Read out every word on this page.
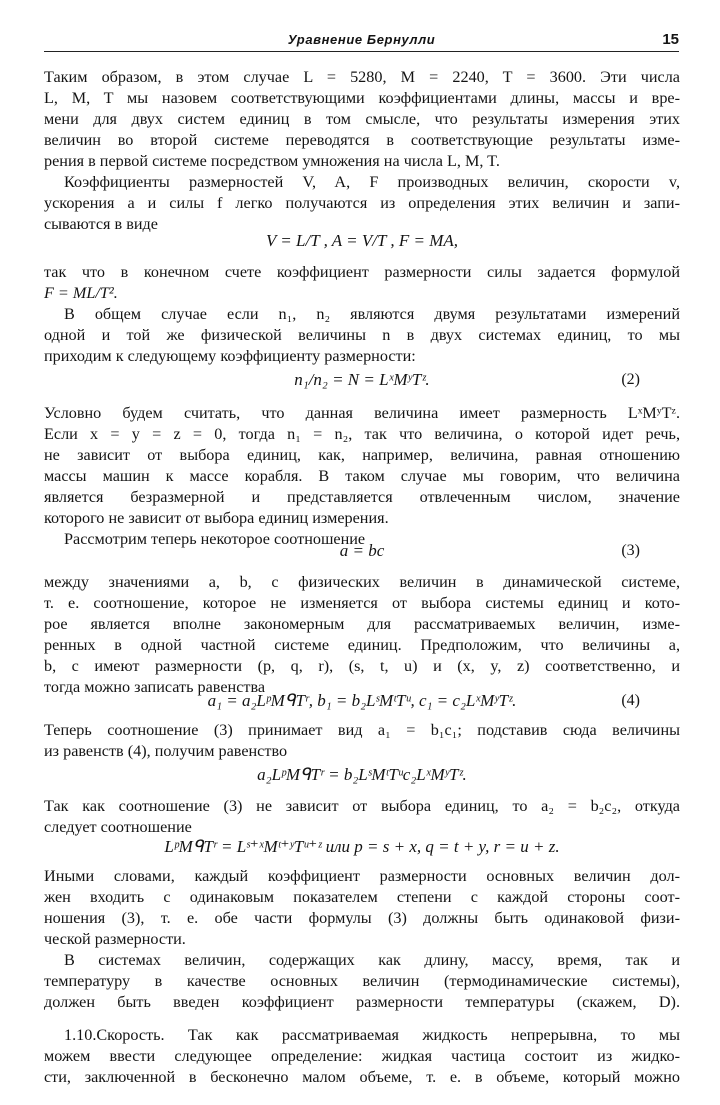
Уравнение Бернулли	15
Таким образом, в этом случае L = 5280, M = 2240, T = 3600. Эти числа
L, M, T мы назовем соответствующими коэффициентами длины, массы и вре-
мени для двух систем единиц в том смысле, что результаты измерения этих
величин во второй системе переводятся в соответствующие результаты изме-
рения в первой системе посредством умножения на числа L, M, T.
Коэффициенты размерностей V, A, F производных величин, скорости v,
ускорения a и силы f легко получаются из определения этих величин и запи-
сываются в виде
V = L/T , A = V/T , F = MA,
так что в конечном счете коэффициент размерности силы задается формулой
F = ML/T².
В общем случае если n₁, n₂ являются двумя результатами измерений
одной и той же физической величины n в двух системах единиц, то мы
приходим к следующему коэффициенту размерности:
n₁/n₂ = N = LˣMʸTᶻ.	(2)
Условно будем считать, что данная величина имеет размерность LˣMʸTᶻ.
Если x = y = z = 0, тогда n₁ = n₂, так что величина, о которой идет речь,
не зависит от выбора единиц, как, например, величина, равная отношению
массы машин к массе корабля. В таком случае мы говорим, что величина
является безразмерной и представляется отвлеченным числом, значение
которого не зависит от выбора единиц измерения.
Рассмотрим теперь некоторое соотношение
a = bc	(3)
между значениями a, b, c физических величин в динамической системе,
т. е. соотношение, которое не изменяется от выбора системы единиц и кото-
рое является вполне закономерным для рассматриваемых величин, изме-
ренных в одной частной системе единиц. Предположим, что величины a,
b, c имеют размерности (p, q, r), (s, t, u) и (x, y, z) соответственно, и
тогда можно записать равенства
a₁ = a₂LᵖMᑫTʳ, b₁ = b₂LˢMᵗTᵘ, c₁ = c₂LˣMʸTᶻ.	(4)
Теперь соотношение (3) принимает вид a₁ = b₁c₁; подставив сюда величины
из равенств (4), получим равенство
a₂LᵖMᑫTʳ = b₂LˢMᵗTᵘc₂LˣMʸTᶻ.
Так как соотношение (3) не зависит от выбора единиц, то a₂ = b₂c₂, откуда
следует соотношение
LᵖMᑫTʳ = Lˢ⁺ˣMᵗ⁺ʸTᵘ⁺ᶻ или p = s + x, q = t + y, r = u + z.
Иными словами, каждый коэффициент размерности основных величин дол-
жен входить с одинаковым показателем степени с каждой стороны соот-
ношения (3), т. е. обе части формулы (3) должны быть одинаковой физи-
ческой размерности.
В системах величин, содержащих как длину, массу, время, так и
температуру в качестве основных величин (термодинамические системы),
должен быть введен коэффициент размерности температуры (скажем, D).
1.10.Скорость. Так как рассматриваемая жидкость непрерывна, то мы
можем ввести следующее определение: жидкая частица состоит из жидко-
сти, заключенной в бесконечно малом объеме, т. е. в объеме, который можно
